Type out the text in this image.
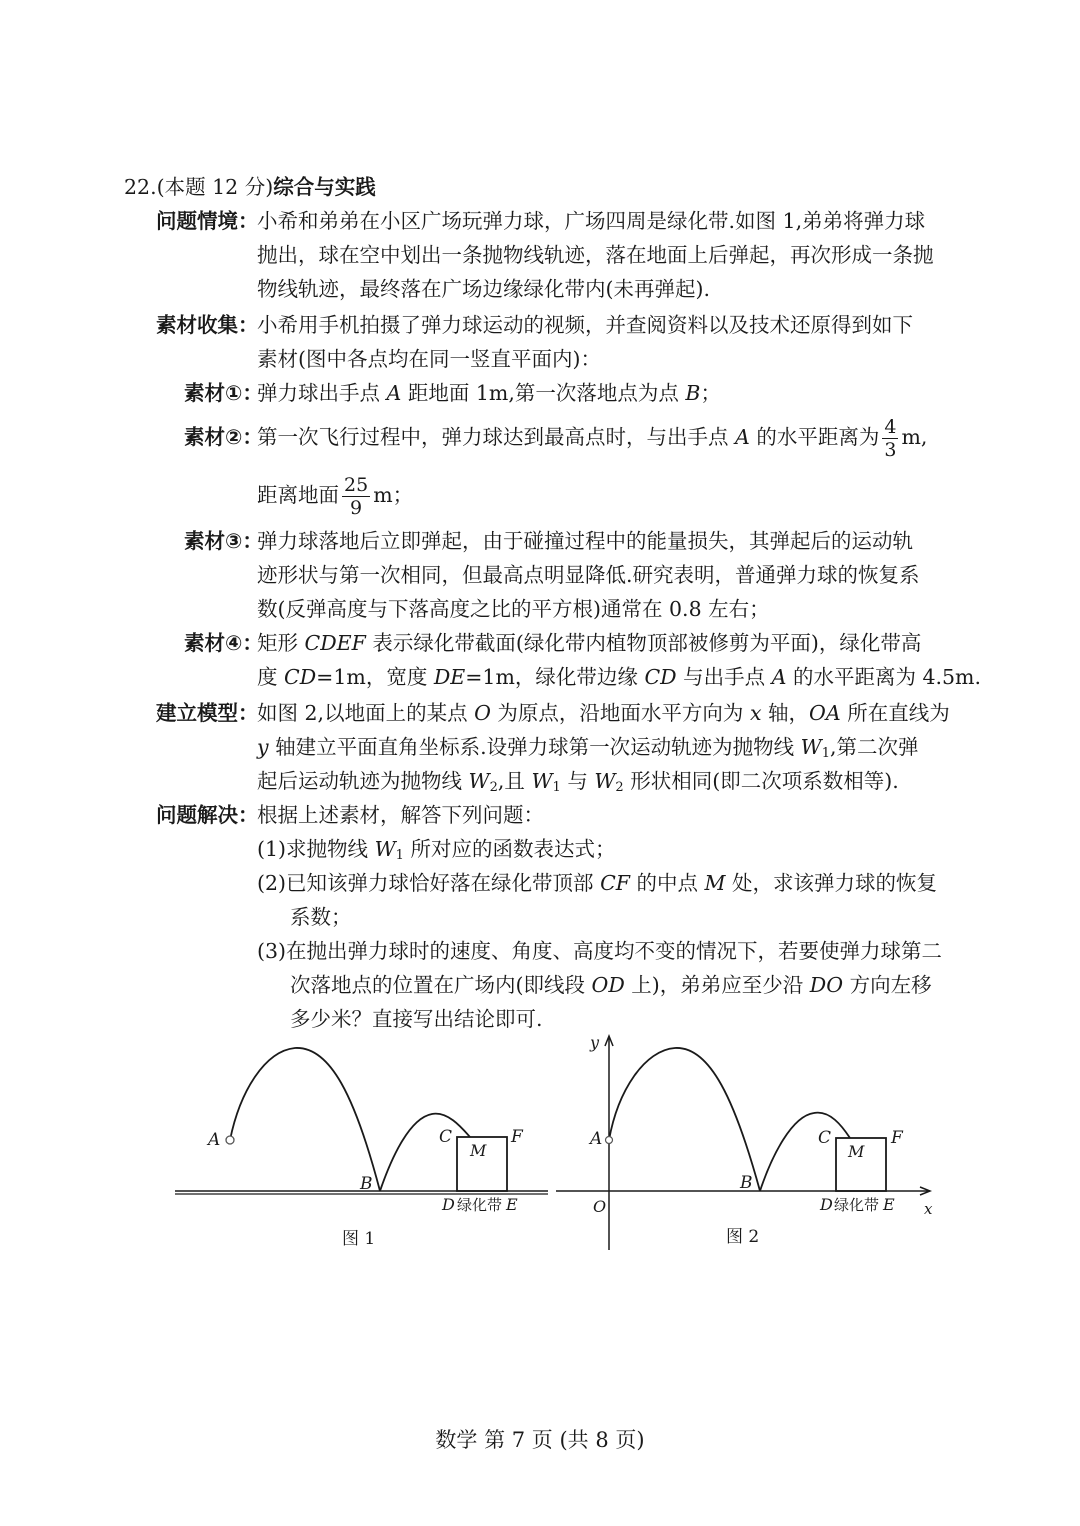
22.(本题 12 分)综合与实践
问题情境：
小希和弟弟在小区广场玩弹力球，广场四周是绿化带.如图 1,弟弟将弹力球
抛出，球在空中划出一条抛物线轨迹，落在地面上后弹起，再次形成一条抛
物线轨迹，最终落在广场边缘绿化带内(未再弹起).
素材收集：
小希用手机拍摄了弹力球运动的视频，并查阅资料以及技术还原得到如下
素材(图中各点均在同一竖直平面内)：
素材①：
弹力球出手点 A 距地面 1m,第一次落地点为点 B；
素材②：
第一次飞行过程中，弹力球达到最高点时，与出手点 A 的水平距离为 $\frac{4}{3} m$,
距离地面 $\frac{25}{9}$ m；
素材③：
弹力球落地后立即弹起，由于碰撞过程中的能量损失，其弹起后的运动轨
迹形状与第一次相同，但最高点明显降低.研究表明，普通弹力球的恢复系
数(反弹高度与下落高度之比的平方根)通常在 0.8 左右；
素材④：
矩形 CDEF 表示绿化带截面(绿化带内植物顶部被修剪为平面)，绿化带高
度 CD=1m，宽度 DE=1m，绿化带边缘 CD 与出手点 A 的水平距离为 4.5m.
建立模型：
如图 2,以地面上的某点 O 为原点，沿地面水平方向为 x 轴，OA 所在直线为
y 轴建立平面直角坐标系.设弹力球第一次运动轨迹为抛物线 $W_1$,第二次弹
起后运动轨迹为抛物线 $W_2$,且 $W_1$ 与 $W_2$ 形状相同(即二次项系数相等).
问题解决：
根据上述素材，解答下列问题：
(1)求抛物线 $W_1$ 所对应的函数表达式；
(2)已知该弹力球恰好落在绿化带顶部 CF 的中点 M 处，求该弹力球的恢复
系数；
(3)在抛出弹力球时的速度、角度、高度均不变的情况下，若要使弹力球第二
次落地点的位置在广场内(即线段 OD 上)，弟弟应至少沿 DO 方向左移
多少米？直接写出结论即可.
A
B
C
M
F
D 绿化带 E
图 1
y
A
O
B
C
M
F
D 绿化带 E x
图 2
数学 第 7 页 (共 8 页)
